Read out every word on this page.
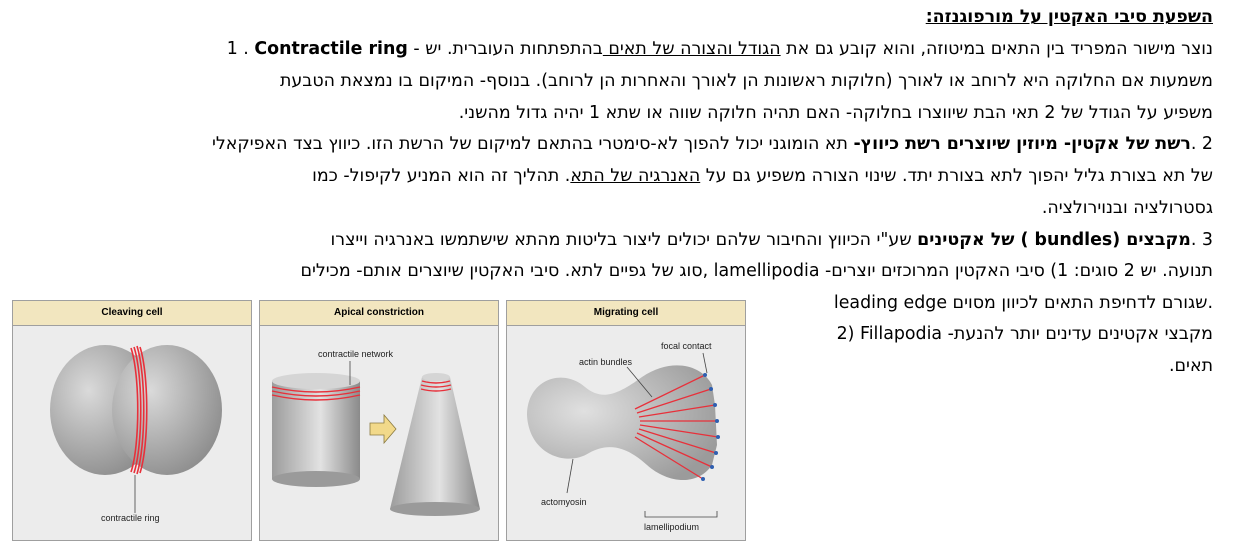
השפעת סיבי האקטין על מורפוגנזה:
1 . Contractile ring - נוצר מישור המפריד בין התאים במיטוזה, והוא קובע גם את הגודל והצורה של תאים בהתפתחות העוברית. יש
משמעות אם החלוקה היא לרוחב או לאורך (חלוקות ראשונות הן לאורך והאחרות הן לרוחב). בנוסף- המיקום בו נמצאת הטבעת
משפיע על הגודל של 2 תאי הבת שיווצרו בחלוקה- האם תהיה חלוקה שווה או שתא 1 יהיה גדול מהשני.
2 .רשת של אקטין- מיוזין שיוצרים רשת כיווץ- תא הומוגני יכול להפוך לא-סימטרי בהתאם למיקום של הרשת הזו. כיווץ בצד האפיקאלי
של תא בצורת גליל יהפוך לתא בצורת יתד. שינוי הצורה משפיע גם על האנרגיה של התא. תהליך זה הוא המניע לקיפול- כמו
גסטרולציה ובנוירולציה.
3 .מקבצים (bundles ) של אקטינים שע"י הכיווץ והחיבור שלהם יכולים ליצור בליטות מהתא שישתמשו באנרגיה וייצרו
תנועה. יש 2 סוגים: 1) סיבי האקטין המרוכזים יוצרים- lamellipodia ,סוג של גפיים לתא. סיבי האקטין שיוצרים אותם- מכילים
leading edge שגורם לדחיפת התאים לכיוון מסוים.
2) Fillapodia -מקבצי אקטינים עדינים יותר להנעת
תאים.
Cleaving cell
contractile ring
Apical constriction
contractile network
Migrating cell
focal contact
actin bundles
actomyosin
lamellipodium
